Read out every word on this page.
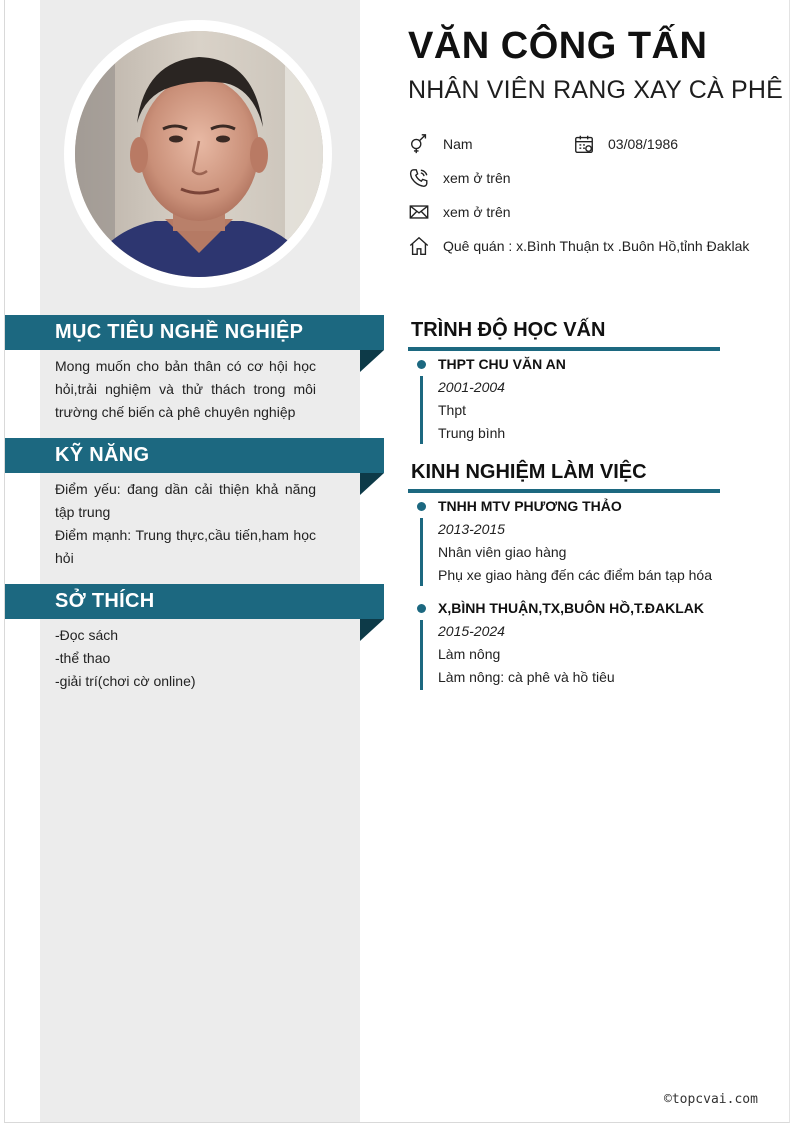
VĂN CÔNG TẤN
NHÂN VIÊN RANG XAY CÀ PHÊ
Nam	03/08/1986
xem ở trên
xem ở trên
Quê quán : x.Bình Thuận tx .Buôn Hồ,tỉnh Đaklak
MỤC TIÊU NGHỀ NGHIỆP
Mong muốn cho bản thân có cơ hội học hỏi,trải nghiệm và thử thách trong môi trường chế biến cà phê chuyên nghiệp
KỸ NĂNG
Điểm yếu: đang dần cải thiện khả năng tập trung
Điểm mạnh: Trung thực,cầu tiến,ham học hỏi
SỞ THÍCH
-Đọc sách
-thể thao
-giải trí(chơi cờ online)
TRÌNH ĐỘ HỌC VẤN
THPT CHU VĂN AN
2001-2004
Thpt
Trung bình
KINH NGHIỆM LÀM VIỆC
TNHH MTV PHƯƠNG THẢO
2013-2015
Nhân viên giao hàng
Phụ xe giao hàng đến các điểm bán tạp hóa
X,BÌNH THUẬN,TX,BUÔN HỒ,T.ĐAKLAK
2015-2024
Làm nông
Làm nông: cà phê và hồ tiêu
©topcvai.com
